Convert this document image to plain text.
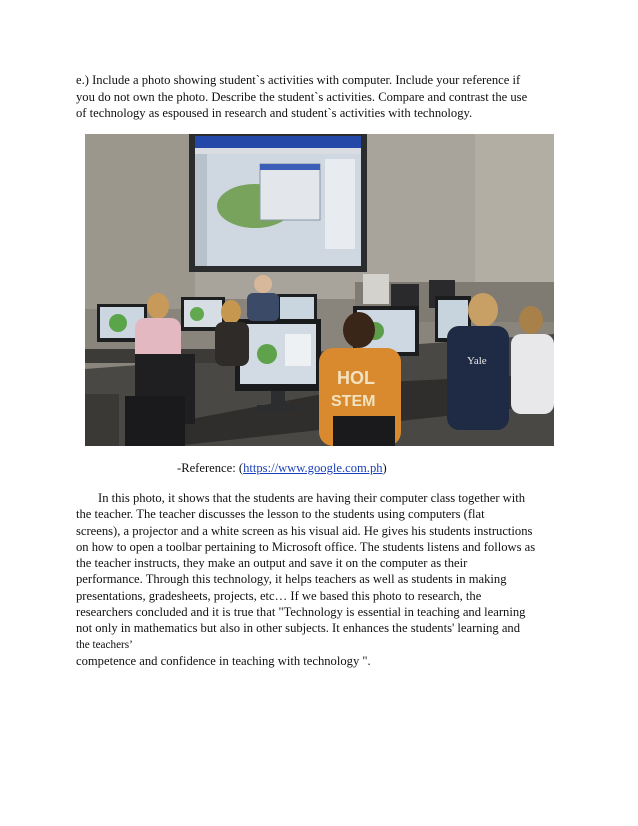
e.) Include a photo showing student`s activities with computer. Include your reference if
you do not own the photo. Describe the student`s activities. Compare and contrast the use
of technology as espoused in research and student`s activities with technology.
HOL
STEM
Yale
-Reference: (https://www.google.com.ph)
In this photo, it shows that the students are having their computer class together with
the teacher. The teacher discusses the lesson to the students using computers (flat
screens), a projector and a white screen as his visual aid. He gives his students instructions
on how to open a toolbar pertaining to Microsoft office. The students listens and follows as
the teacher instructs, they make an output and save it on the computer as their
performance. Through this technology, it helps teachers as well as students in making
presentations, gradesheets, projects, etc… If we based this photo to research, the
researchers concluded and it is true that "Technology is essential in teaching and learning
not only in mathematics but also in other subjects. It enhances the students' learning and
the teachers’
competence and confidence in teaching with technology ".
